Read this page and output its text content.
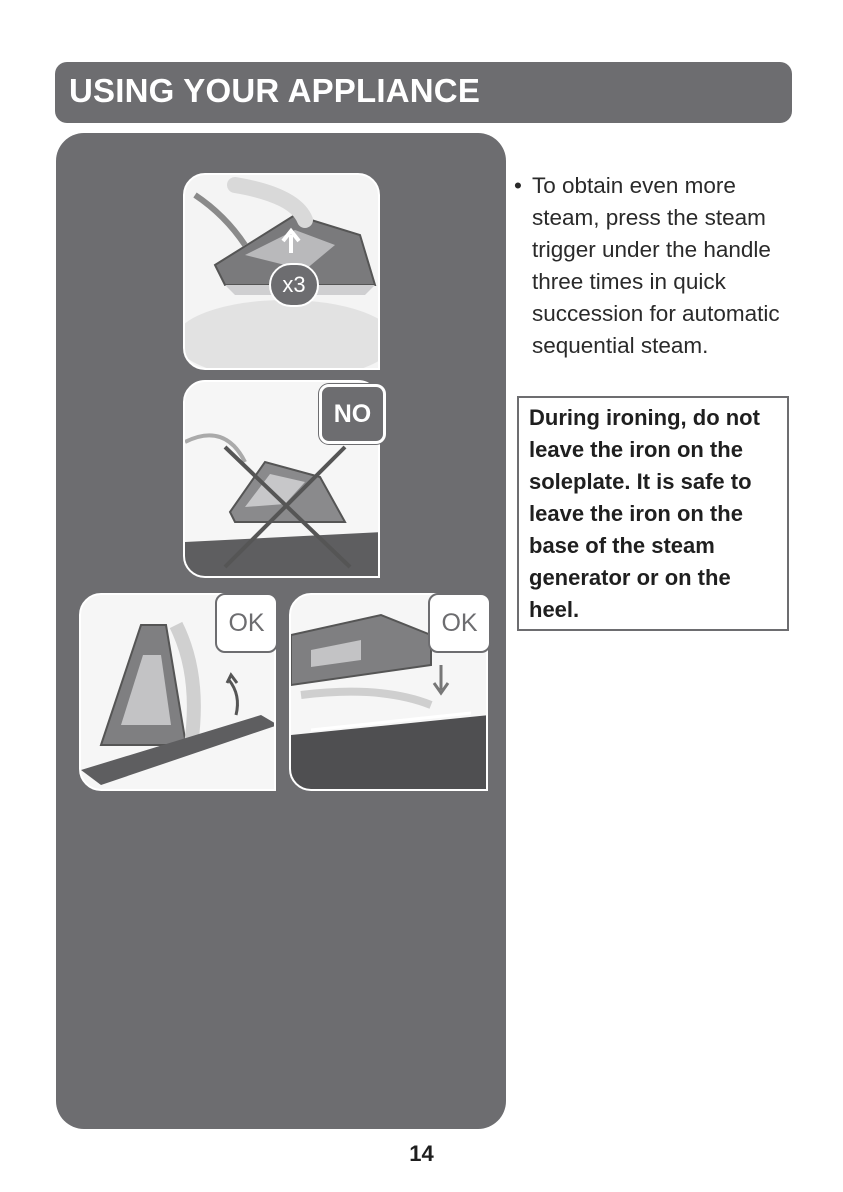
USING YOUR APPLIANCE
x3
NO
OK	OK
• To obtain even more steam, press the steam trigger under the handle three times in quick succession for automatic sequential steam.
During ironing, do not leave the iron on the soleplate. It is safe to leave the iron on the base of the steam generator or on the heel.
14
